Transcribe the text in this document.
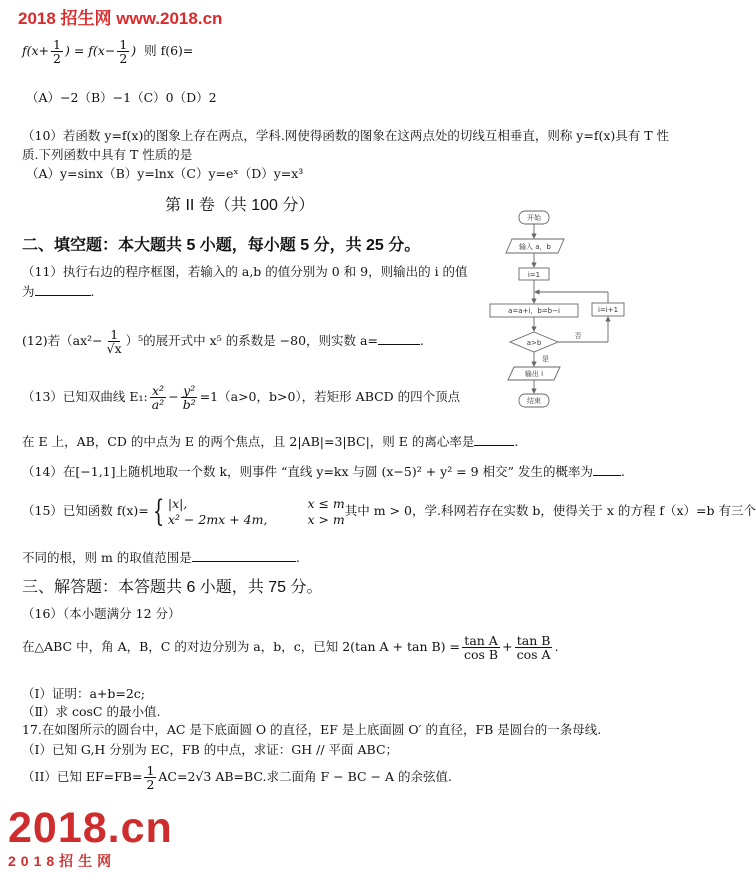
2018 招生网 www.2018.cn
$f(x+ \frac{1}{2}$ ) = $f(x- \frac{1}{2}$ ) 则 f(6)=
（A）−2（B）−1（C）0（D）2
（10）若函数 y=f(x)的图象上存在两点，学科.网使得函数的图象在这两点处的切线互相垂直，则称 y=f(x)具有 T 性
质.下列函数中具有 T 性质的是
（A）y=sinx（B）y=lnx（C）y=eˣ（D）y=x³
第 II 卷（共 100 分）
二、填空题：本大题共 5 小题，每小题 5 分，共 25 分。
（11）执行右边的程序框图，若输入的 a,b 的值分别为 0 和 9，则输出的 i 的值
为	.
(12)若$(ax^2- \frac{1}{√x} )^5$的展开式中 x⁵ 的系数是 −80，则实数 a=	.
（13）已知双曲线 E₁: $\frac{\text{x²}}{\text{a²}} - \frac{\text{y²}}{\text{b²}} =1(a>0$，b>0），若矩形 ABCD 的四个顶点
在 E 上，AB，CD 的中点为 E 的两个焦点，且 2|AB|=3|BC|，则 E 的离心率是	.
（14）在[−1,1]上随机地取一个数 k，则事件 “直线 y=kx 与圆 (x−5)² + y² = 9 相交” 发生的概率为 .
（15）已知函数 f(x)= { |x|,	x ≤ m
x² − 2mx + 4m,	x > m
其中 m > 0，学.科网若存在实数 b，使得关于 x 的方程 f（x）=b 有三个
不同的根，则 m 的取值范围是	.
三、解答题：本答题共 6 小题，共 75 分。
（16）（本小题满分 12 分）
在△ABC 中，角 A，B，C 的对边分别为 a，b，c，已知 2(tan $A + \tan B) = \frac{\text{tan A}}{\text{cos B}} + \frac{\text{tan B}}{\text{cos A}}$ .
（Ⅰ）证明：a+b=2c;
（Ⅱ）求 cosC 的最小值.
17.在如图所示的圆台中，AC 是下底面圆 O 的直径，EF 是上底面圆 O′ 的直径，FB 是圆台的一条母线.
（I）已知 G,H 分别为 EC，FB 的中点，求证：GH // 平面 ABC；
（II）已知 $EF=FB= \frac{1}{2} AC=2√3$ AB=BC.求二面角 F − BC − A 的余弦值.
开始
输入 a，b
i=1
a=a+i，b=b−i
a>b
否
i=i+1
是
输出 i
结束
2018.cn
2018招生网
